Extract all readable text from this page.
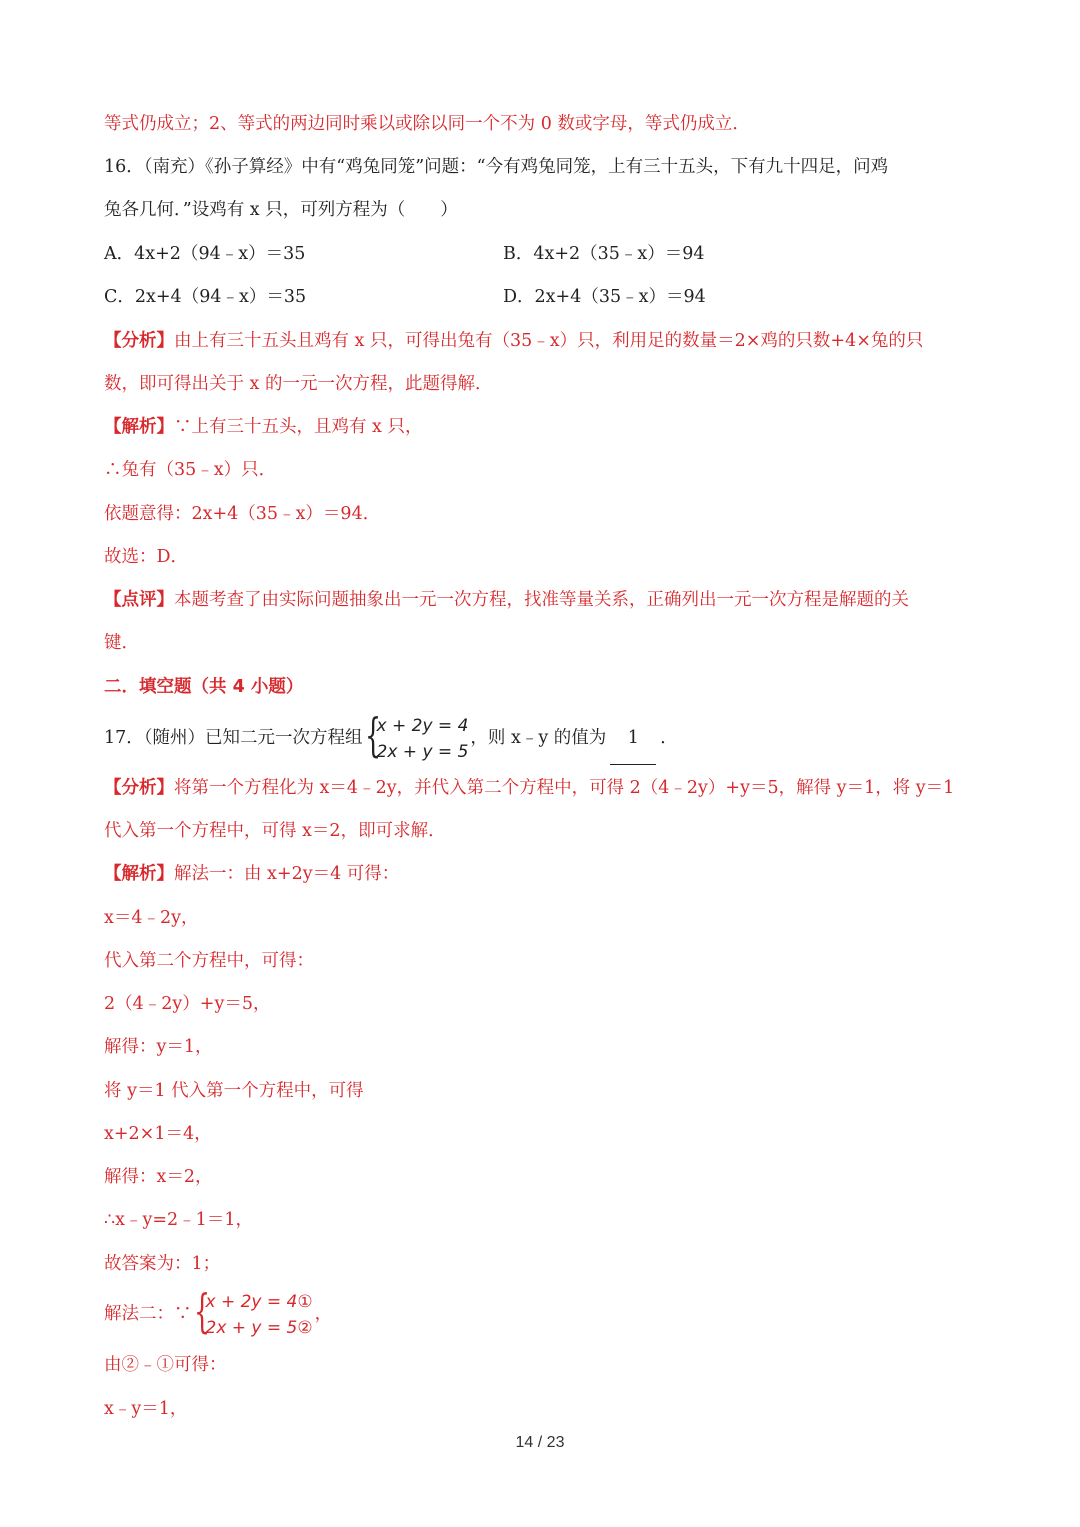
等式仍成立；2、等式的两边同时乘以或除以同一个不为 0 数或字母，等式仍成立．
16．（南充）《孙子算经》中有“鸡兔同笼”问题：“今有鸡兔同笼，上有三十五头，下有九十四足，问鸡
兔各几何．”设鸡有 x 只，可列方程为（　　）
A．4x+2（94﹣x）＝35	B．4x+2（35﹣x）＝94
C．2x+4（94﹣x）＝35	D．2x+4（35﹣x）＝94
【分析】由上有三十五头且鸡有 x 只，可得出兔有（35﹣x）只，利用足的数量＝2×鸡的只数+4×兔的只
数，即可得出关于 x 的一元一次方程，此题得解．
【解析】∵上有三十五头，且鸡有 x 只，
∴兔有（35﹣x）只．
依题意得：2x+4（35﹣x）＝94．
故选：D．
【点评】本题考查了由实际问题抽象出一元一次方程，找准等量关系，正确列出一元一次方程是解题的关
键．
二．填空题（共 4 小题）
17．（随州）已知二元一次方程组 {
x + 2y = 4
2x + y = 5
，则 x﹣y 的值为 1 ．
【分析】将第一个方程化为 x＝4﹣2y，并代入第二个方程中，可得 2（4﹣2y）+y＝5，解得 y＝1，将 y＝1
代入第一个方程中，可得 x＝2，即可求解．
【解析】解法一：由 x+2y＝4 可得：
x＝4﹣2y，
代入第二个方程中，可得：
2（4﹣2y）+y＝5，
解得：y＝1，
将 y＝1 代入第一个方程中，可得
x+2×1＝4，
解得：x＝2，
∴x﹣y=2﹣1＝1，
故答案为：1；
解法二：∵ {
x + 2y = 4①
2x + y = 5②
，
由②﹣①可得：
x﹣y＝1，
14 / 23
